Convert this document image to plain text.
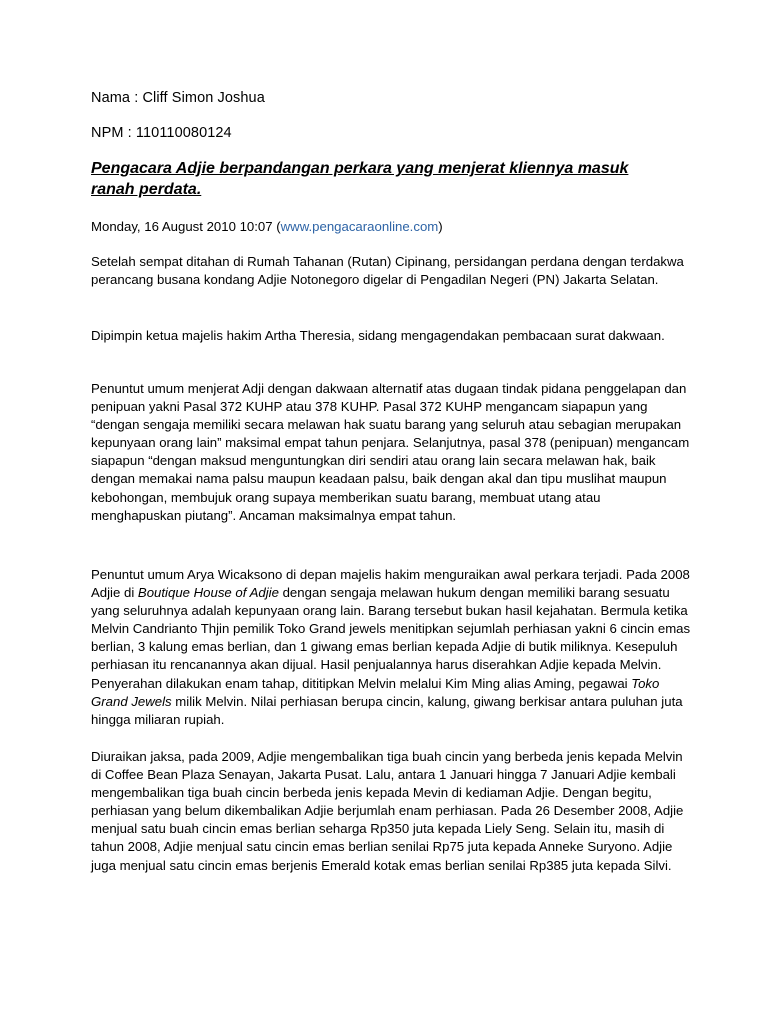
Nama : Cliff Simon Joshua
NPM : 110110080124
Pengacara Adjie berpandangan perkara yang menjerat kliennya masuk ranah perdata.
Monday, 16 August 2010 10:07 (www.pengacaraonline.com)
Setelah sempat ditahan di Rumah Tahanan (Rutan) Cipinang, persidangan perdana dengan terdakwa perancang busana kondang Adjie Notonegoro digelar di Pengadilan Negeri (PN) Jakarta Selatan.
Dipimpin ketua majelis hakim Artha Theresia, sidang mengagendakan pembacaan surat dakwaan.
Penuntut umum menjerat Adji dengan dakwaan alternatif atas dugaan tindak pidana penggelapan dan penipuan yakni Pasal 372 KUHP atau 378 KUHP. Pasal 372 KUHP mengancam siapapun yang “dengan sengaja memiliki secara melawan hak suatu barang yang seluruh atau sebagian merupakan kepunyaan orang lain” maksimal empat tahun penjara. Selanjutnya, pasal 378 (penipuan) mengancam siapapun “dengan maksud menguntungkan diri sendiri atau orang lain secara melawan hak, baik dengan memakai nama palsu maupun keadaan palsu, baik dengan akal dan tipu muslihat maupun kebohongan, membujuk orang supaya memberikan suatu barang, membuat utang atau menghapuskan piutang”. Ancaman maksimalnya empat tahun.
Penuntut umum Arya Wicaksono di depan majelis hakim menguraikan awal perkara terjadi. Pada 2008 Adjie di Boutique House of Adjie dengan sengaja melawan hukum dengan memiliki barang sesuatu yang seluruhnya adalah kepunyaan orang lain. Barang tersebut bukan hasil kejahatan. Bermula ketika Melvin Candrianto Thjin pemilik Toko Grand jewels menitipkan sejumlah perhiasan yakni 6 cincin emas berlian, 3 kalung emas berlian, dan 1 giwang emas berlian kepada Adjie di butik miliknya. Kesepuluh perhiasan itu rencanannya akan dijual. Hasil penjualannya harus diserahkan Adjie kepada Melvin. Penyerahan dilakukan enam tahap, dititipkan Melvin melalui Kim Ming alias Aming, pegawai Toko Grand Jewels milik Melvin. Nilai perhiasan berupa cincin, kalung, giwang berkisar antara puluhan juta hingga miliaran rupiah.
Diuraikan jaksa, pada 2009, Adjie mengembalikan tiga buah cincin yang berbeda jenis kepada Melvin di Coffee Bean Plaza Senayan, Jakarta Pusat. Lalu, antara 1 Januari hingga 7 Januari Adjie kembali mengembalikan tiga buah cincin berbeda jenis kepada Mevin di kediaman Adjie. Dengan begitu, perhiasan yang belum dikembalikan Adjie berjumlah enam perhiasan. Pada 26 Desember 2008, Adjie menjual satu buah cincin emas berlian seharga Rp350 juta kepada Liely Seng. Selain itu, masih di tahun 2008, Adjie menjual satu cincin emas berlian senilai Rp75 juta kepada Anneke Suryono. Adjie juga menjual satu cincin emas berjenis Emerald kotak emas berlian senilai Rp385 juta kepada Silvi.
